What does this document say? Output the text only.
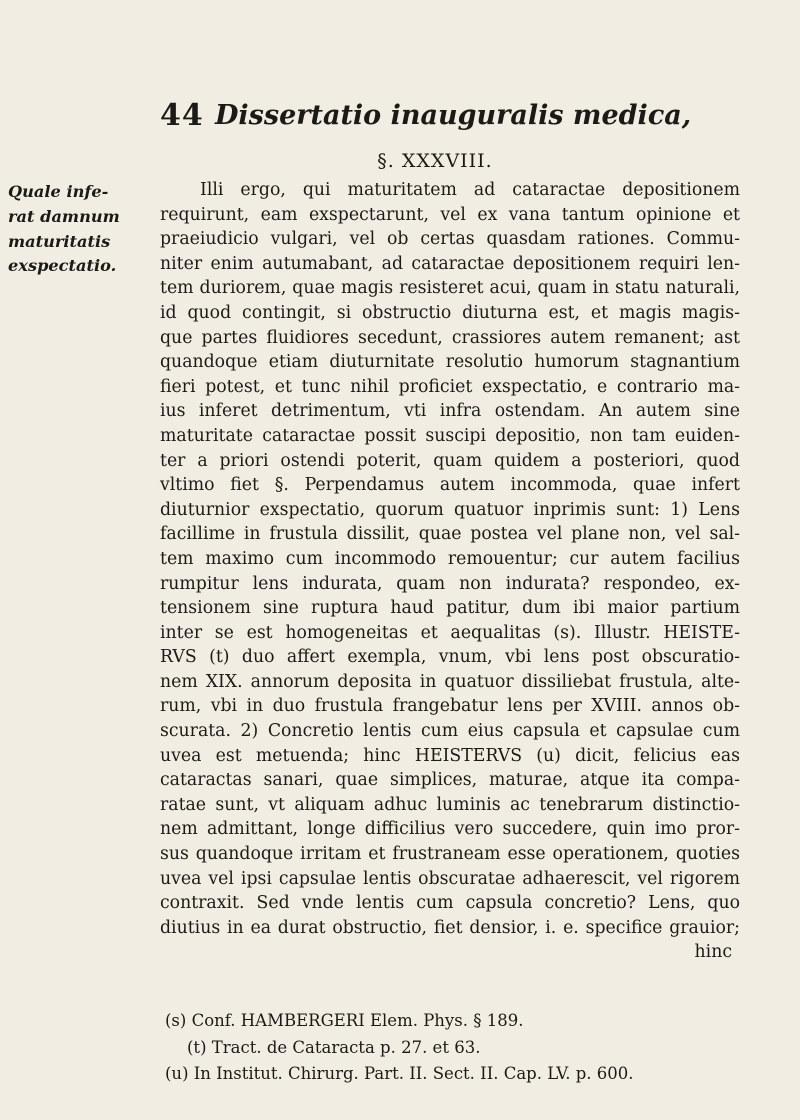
44 Dissertatio inauguralis medica,
§. XXXVIII.
Quale infe-
rat damnum
maturitatis
exspectatio.
Illi ergo, qui maturitatem ad cataractae depositionem
requirunt, eam exspectarunt, vel ex vana tantum opinione et
praeiudicio vulgari, vel ob certas quasdam rationes. Commu-
niter enim autumabant, ad cataractae depositionem requiri len-
tem duriorem, quae magis resisteret acui, quam in statu naturali,
id quod contingit, si obstructio diuturna est, et magis magis-
que partes fluidiores secedunt, crassiores autem remanent; ast
quandoque etiam diuturnitate resolutio humorum stagnantium
fieri potest, et tunc nihil proficiet exspectatio, e contrario ma-
ius inferet detrimentum, vti infra ostendam. An autem sine
maturitate cataractae possit suscipi depositio, non tam euiden-
ter a priori ostendi poterit, quam quidem a posteriori, quod
vltimo fiet §. Perpendamus autem incommoda, quae infert
diuturnior exspectatio, quorum quatuor inprimis sunt: 1) Lens
facillime in frustula dissilit, quae postea vel plane non, vel sal-
tem maximo cum incommodo remouentur; cur autem facilius
rumpitur lens indurata, quam non indurata? respondeo, ex-
tensionem sine ruptura haud patitur, dum ibi maior partium
inter se est homogeneitas et aequalitas (s). Illustr. HEISTE-
RVS (t) duo affert exempla, vnum, vbi lens post obscuratio-
nem XIX. annorum deposita in quatuor dissiliebat frustula, alte-
rum, vbi in duo frustula frangebatur lens per XVIII. annos ob-
scurata. 2) Concretio lentis cum eius capsula et capsulae cum
uvea est metuenda; hinc HEISTERVS (u) dicit, felicius eas
cataractas sanari, quae simplices, maturae, atque ita compa-
ratae sunt, vt aliquam adhuc luminis ac tenebrarum distinctio-
nem admittant, longe difficilius vero succedere, quin imo pror-
sus quandoque irritam et frustraneam esse operationem, quoties
uvea vel ipsi capsulae lentis obscuratae adhaerescit, vel rigorem
contraxit. Sed vnde lentis cum capsula concretio? Lens, quo
diutius in ea durat obstructio, fiet densior, i. e. specifice grauior;
hinc
(s) Conf. HAMBERGERI Elem. Phys. § 189.
(t) Tract. de Cataracta p. 27. et 63.
(u) In Institut. Chirurg. Part. II. Sect. II. Cap. LV. p. 600.
